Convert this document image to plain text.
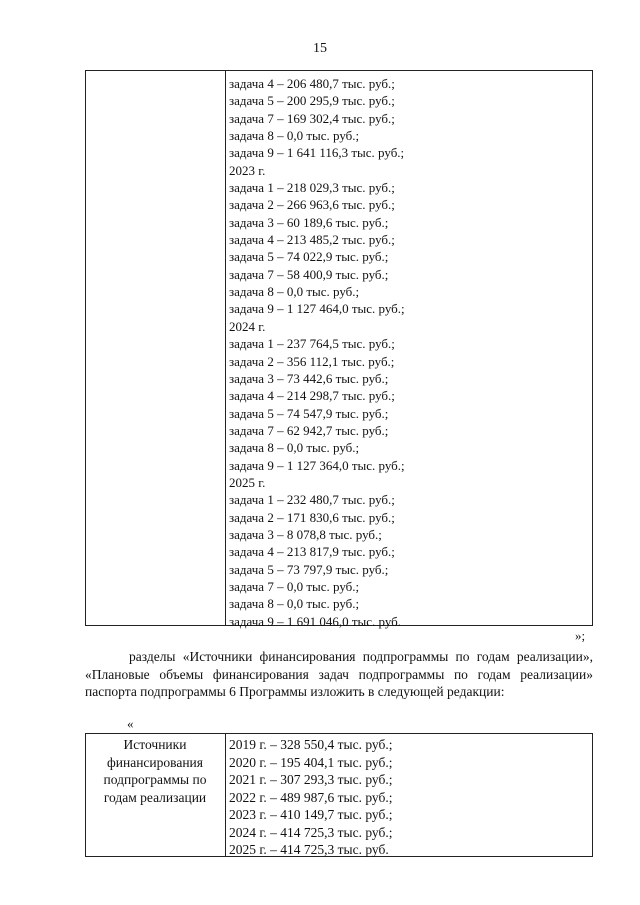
15
задача 4 – 206 480,7 тыс. руб.;
задача 5 – 200 295,9 тыс. руб.;
задача 7 – 169 302,4 тыс. руб.;
задача 8 – 0,0 тыс. руб.;
задача 9 – 1 641 116,3 тыс. руб.;
2023 г.
задача 1 – 218 029,3 тыс. руб.;
задача 2 – 266 963,6 тыс. руб.;
задача 3 – 60 189,6 тыс. руб.;
задача 4 – 213 485,2 тыс. руб.;
задача 5 – 74 022,9 тыс. руб.;
задача 7 – 58 400,9 тыс. руб.;
задача 8 – 0,0 тыс. руб.;
задача 9 – 1 127 464,0 тыс. руб.;
2024 г.
задача 1 – 237 764,5 тыс. руб.;
задача 2 – 356 112,1 тыс. руб.;
задача 3 – 73 442,6 тыс. руб.;
задача 4 – 214 298,7 тыс. руб.;
задача 5 – 74 547,9 тыс. руб.;
задача 7 – 62 942,7 тыс. руб.;
задача 8 – 0,0 тыс. руб.;
задача 9 – 1 127 364,0 тыс. руб.;
2025 г.
задача 1 – 232 480,7 тыс. руб.;
задача 2 – 171 830,6 тыс. руб.;
задача 3 – 8 078,8 тыс. руб.;
задача 4 – 213 817,9 тыс. руб.;
задача 5 – 73 797,9 тыс. руб.;
задача 7 – 0,0 тыс. руб.;
задача 8 – 0,0 тыс. руб.;
задача 9 – 1 691 046,0 тыс. руб.
»;
разделы «Источники финансирования подпрограммы по годам реализации», «Плановые объемы финансирования задач подпрограммы по годам реализации» паспорта подпрограммы 6 Программы изложить в следующей редакции:
«
Источники финансирования подпрограммы по годам реализации
2019 г. – 328 550,4 тыс. руб.;
2020 г. – 195 404,1 тыс. руб.;
2021 г. – 307 293,3 тыс. руб.;
2022 г. – 489 987,6 тыс. руб.;
2023 г. – 410 149,7 тыс. руб.;
2024 г. – 414 725,3 тыс. руб.;
2025 г. – 414 725,3 тыс. руб.
